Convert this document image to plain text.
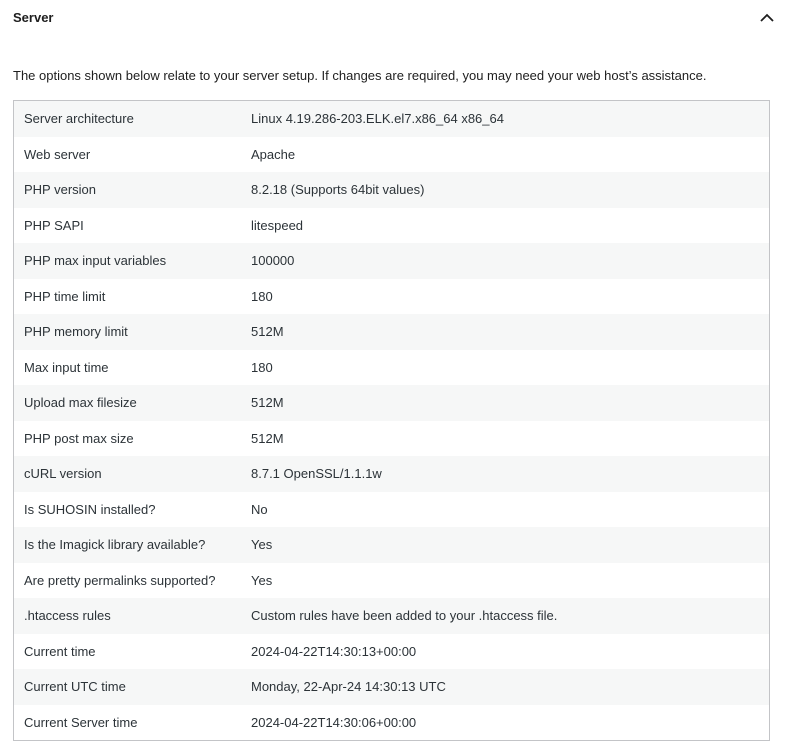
Server
The options shown below relate to your server setup. If changes are required, you may need your web host’s assistance.
Server architecture	Linux 4.19.286-203.ELK.el7.x86_64 x86_64
Web server	Apache
PHP version	8.2.18 (Supports 64bit values)
PHP SAPI	litespeed
PHP max input variables	100000
PHP time limit	180
PHP memory limit	512M
Max input time	180
Upload max filesize	512M
PHP post max size	512M
cURL version	8.7.1 OpenSSL/1.1.1w
Is SUHOSIN installed?	No
Is the Imagick library available?	Yes
Are pretty permalinks supported?	Yes
.htaccess rules	Custom rules have been added to your .htaccess file.
Current time	2024-04-22T14:30:13+00:00
Current UTC time	Monday, 22-Apr-24 14:30:13 UTC
Current Server time	2024-04-22T14:30:06+00:00
